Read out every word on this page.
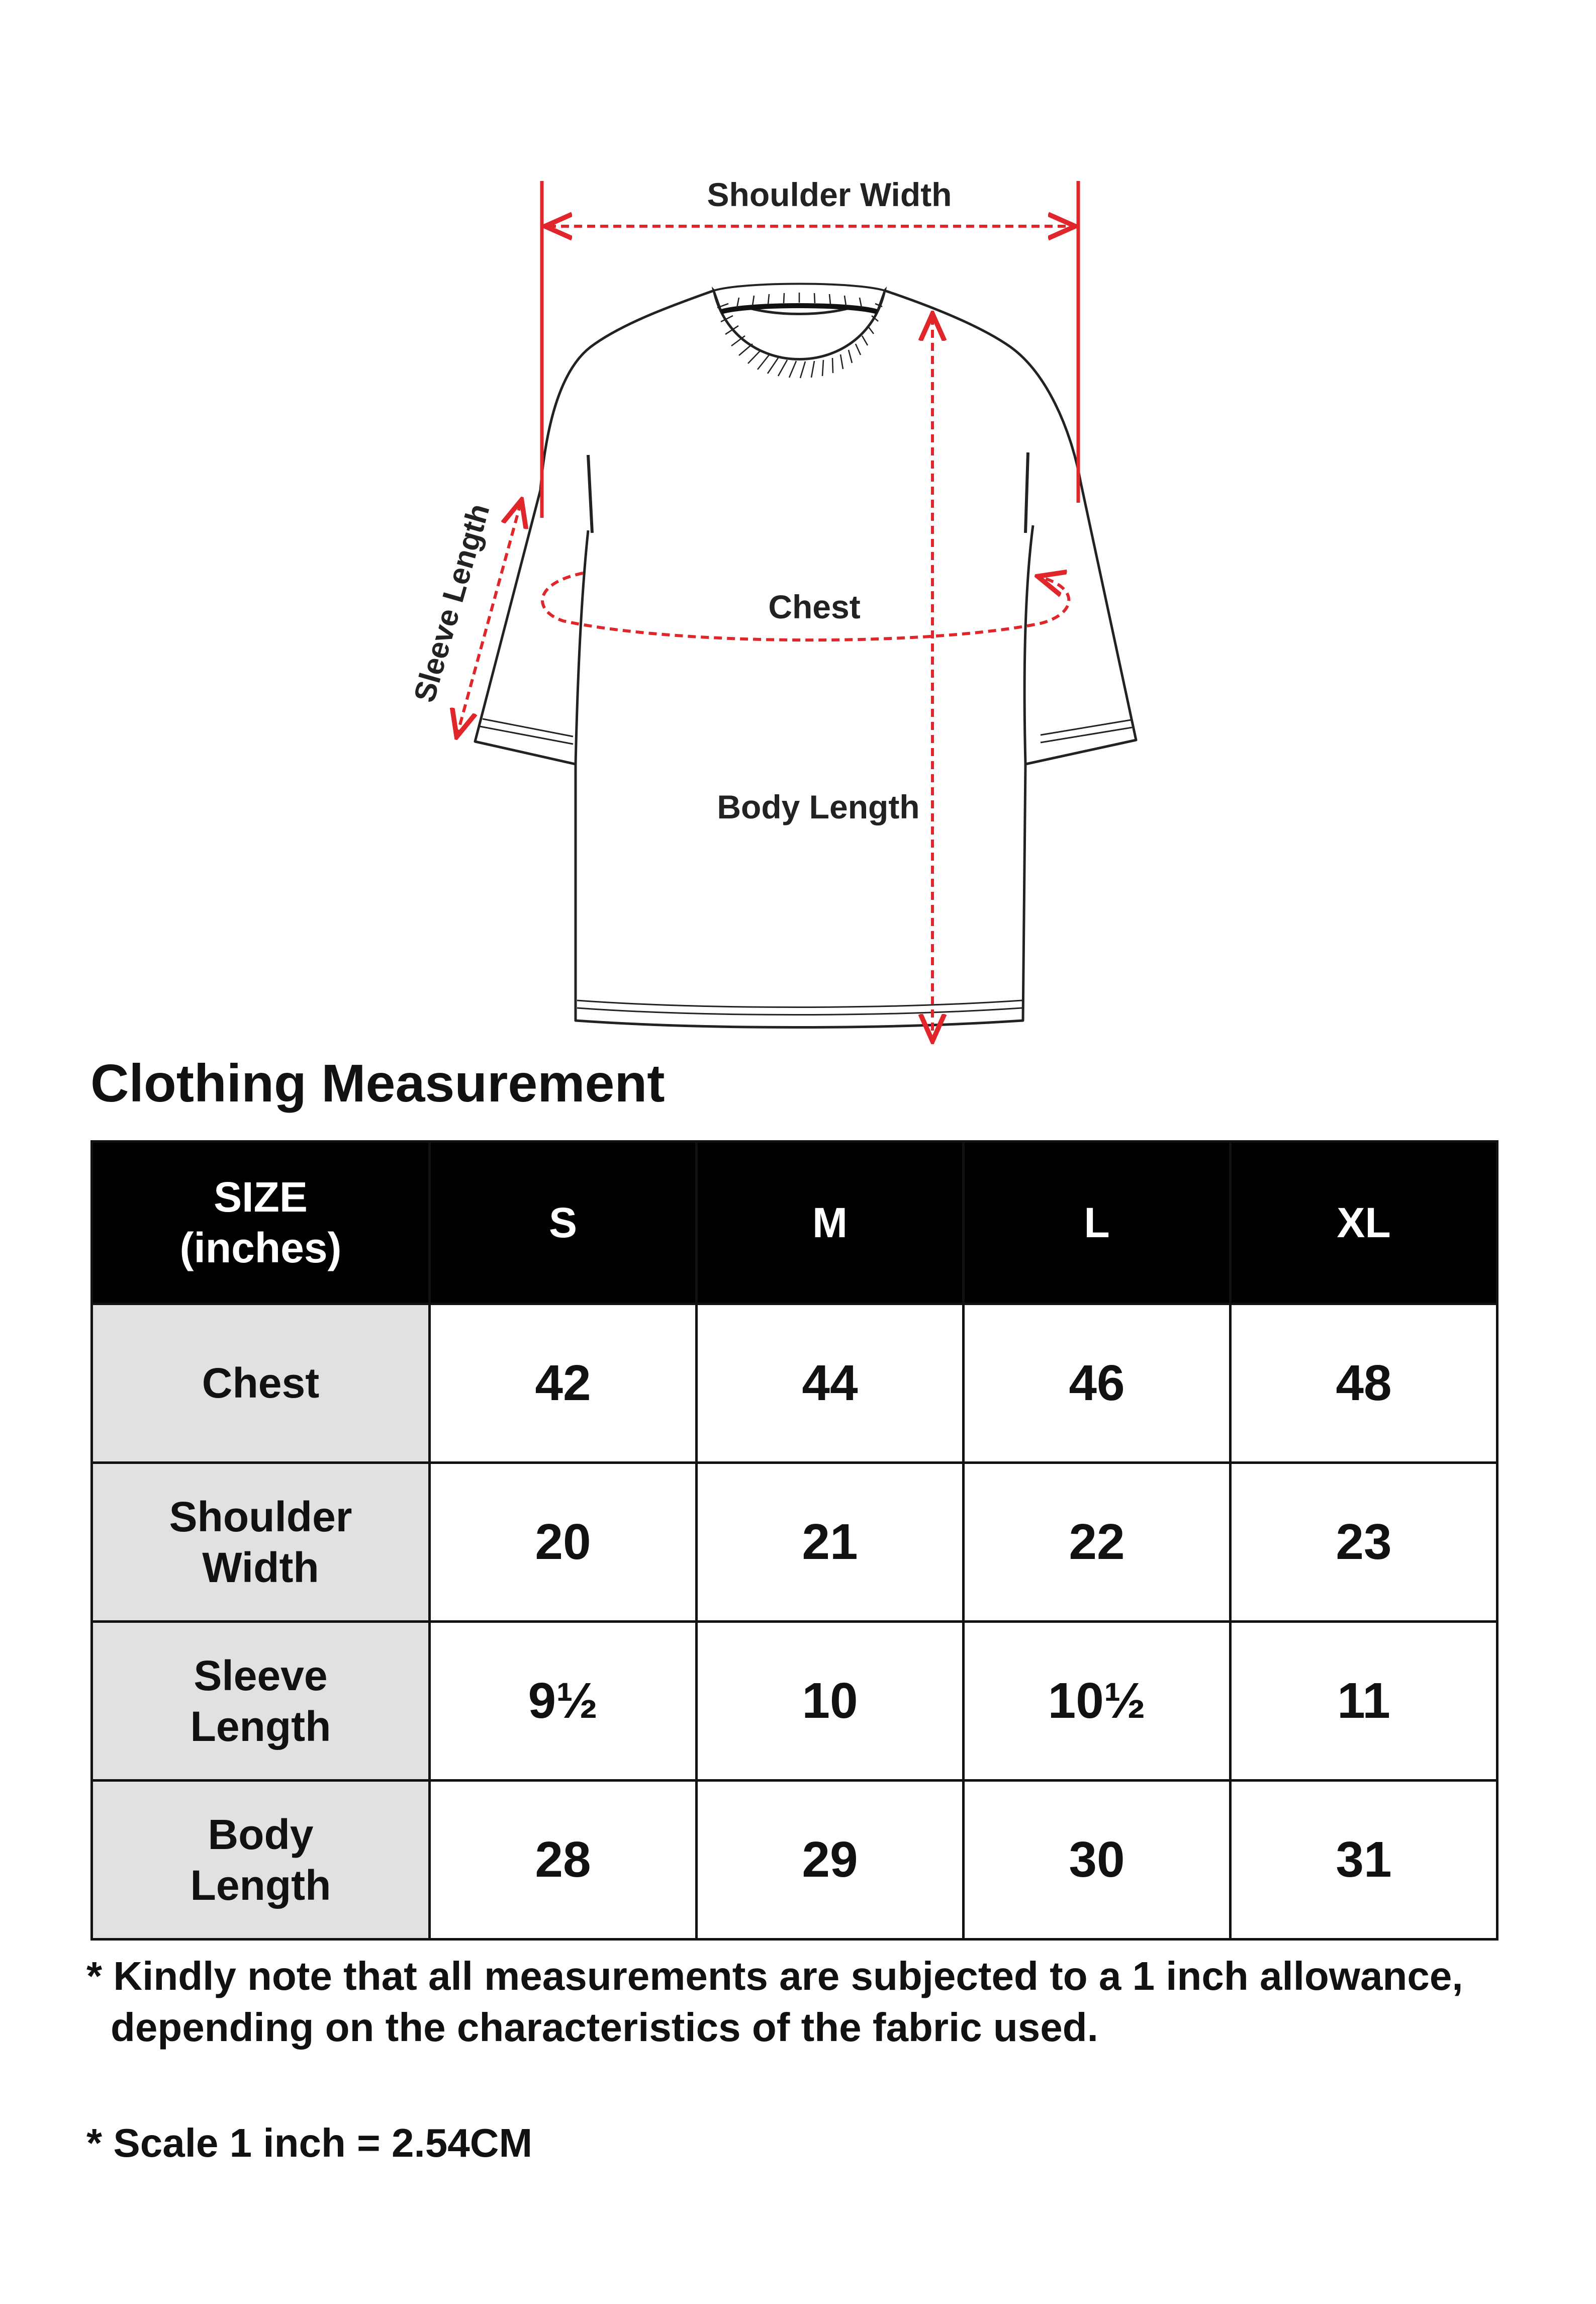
Shoulder Width
Body Length
Chest
Sleeve Length
Clothing Measurement
SIZE
(inches)	S	M	L	XL
Chest	42	44	46	48
Shoulder
Width	20	21	22	23
Sleeve
Length	9½	10	10½	11
Body
Length	28	29	30	31

* Kindly note that all measurements are subjected to a 1 inch allowance,
depending on the characteristics of the fabric used.

* Scale 1 inch = 2.54CM
